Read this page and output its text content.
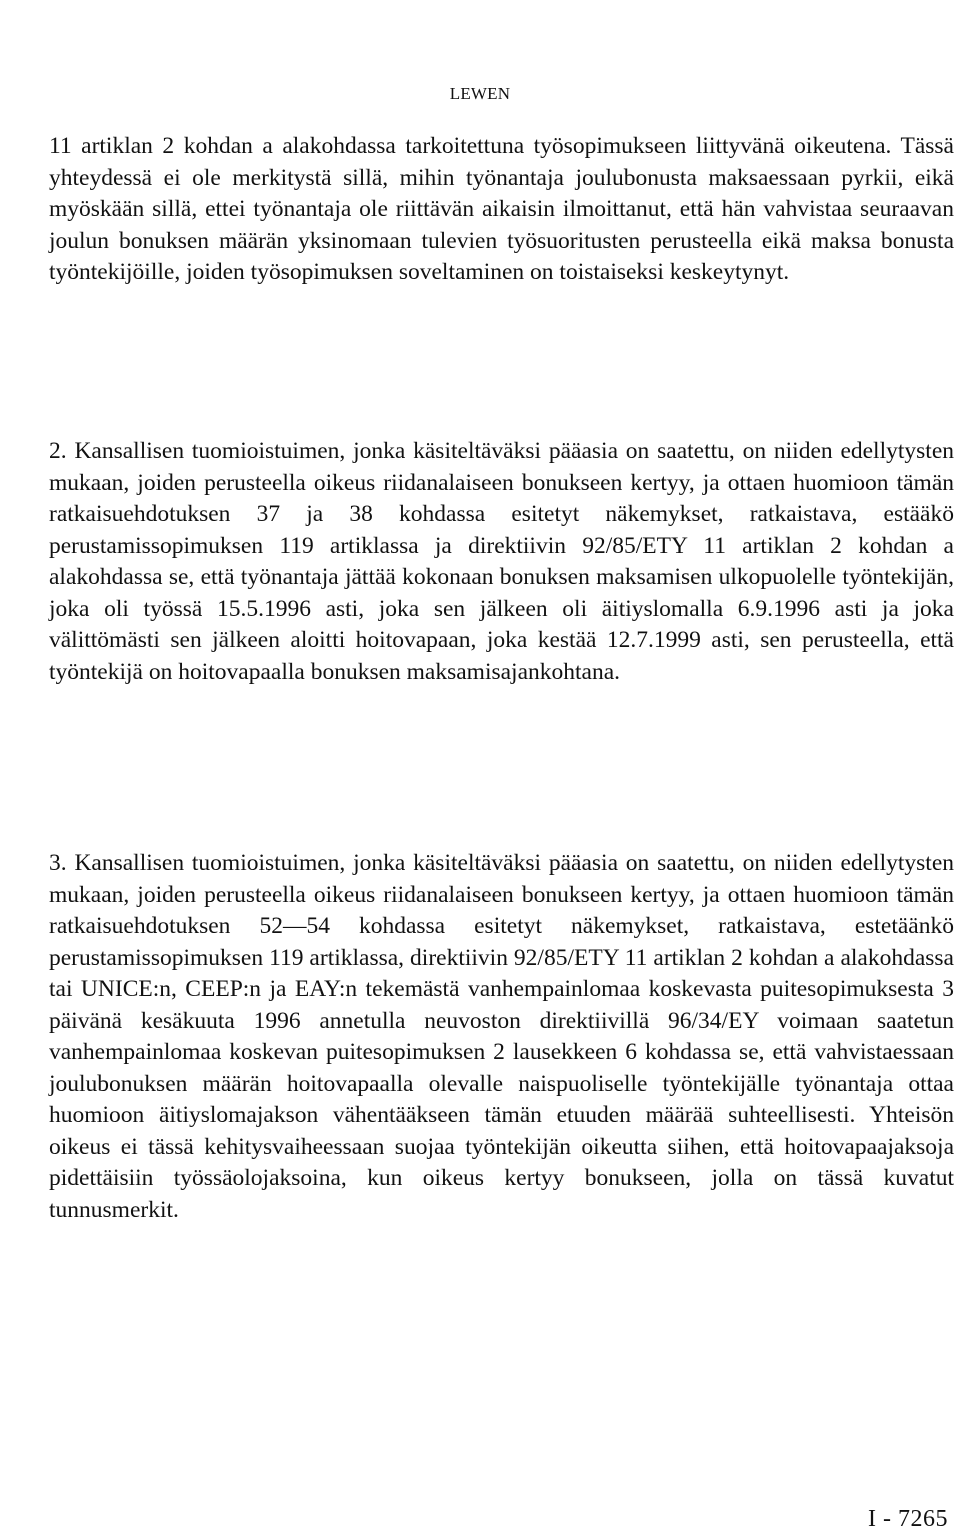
LEWEN

11 artiklan 2 kohdan a alakohdassa tarkoitettuna työsopimukseen liittyvänä oikeutena. Tässä yhteydessä ei ole merkitystä sillä, mihin työnantaja joulubonusta maksaessaan pyrkii, eikä myöskään sillä, ettei työnantaja ole riittävän aikaisin ilmoittanut, että hän vahvistaa seuraavan joulun bonuksen määrän yksinomaan tulevien työsuoritusten perusteella eikä maksa bonusta työntekijöille, joiden työsopimuksen soveltaminen on toistaiseksi keskeytynyt.

2. Kansallisen tuomioistuimen, jonka käsiteltäväksi pääasia on saatettu, on niiden edellytysten mukaan, joiden perusteella oikeus riidanalaiseen bonukseen kertyy, ja ottaen huomioon tämän ratkaisuehdotuksen 37 ja 38 kohdassa esitetyt näkemykset, ratkaistava, estääkö perustamissopimuksen 119 artiklassa ja direktiivin 92/85/ETY 11 artiklan 2 kohdan a alakohdassa se, että työnantaja jättää kokonaan bonuksen maksamisen ulkopuolelle työntekijän, joka oli työssä 15.5.1996 asti, joka sen jälkeen oli äitiyslomalla 6.9.1996 asti ja joka välittömästi sen jälkeen aloitti hoitovapaan, joka kestää 12.7.1999 asti, sen perusteella, että työntekijä on hoitovapaalla bonuksen maksamisajankohtana.

3. Kansallisen tuomioistuimen, jonka käsiteltäväksi pääasia on saatettu, on niiden edellytysten mukaan, joiden perusteella oikeus riidanalaiseen bonukseen kertyy, ja ottaen huomioon tämän ratkaisuehdotuksen 52—54 kohdassa esitetyt näkemykset, ratkaistava, estetäänkö perustamissopimuksen 119 artiklassa, direktiivin 92/85/ETY 11 artiklan 2 kohdan a alakohdassa tai UNICE:n, CEEP:n ja EAY:n tekemästä vanhempainlomaa koskevasta puitesopimuksesta 3 päivänä kesäkuuta 1996 annetulla neuvoston direktiivillä 96/34/EY voimaan saatetun vanhempainlomaa koskevan puitesopimuksen 2 lausekkeen 6 kohdassa se, että vahvistaessaan joulubonuksen määrän hoitovapaalla olevalle naispuoliselle työntekijälle työnantaja ottaa huomioon äitiyslomajakson vähentääkseen tämän etuuden määrää suhteellisesti. Yhteisön oikeus ei tässä kehitysvaiheessaan suojaa työntekijän oikeutta siihen, että hoitovapaajaksoja pidettäisiin työssäolojaksoina, kun oikeus kertyy bonukseen, jolla on tässä kuvatut tunnusmerkit.

I - 7265
